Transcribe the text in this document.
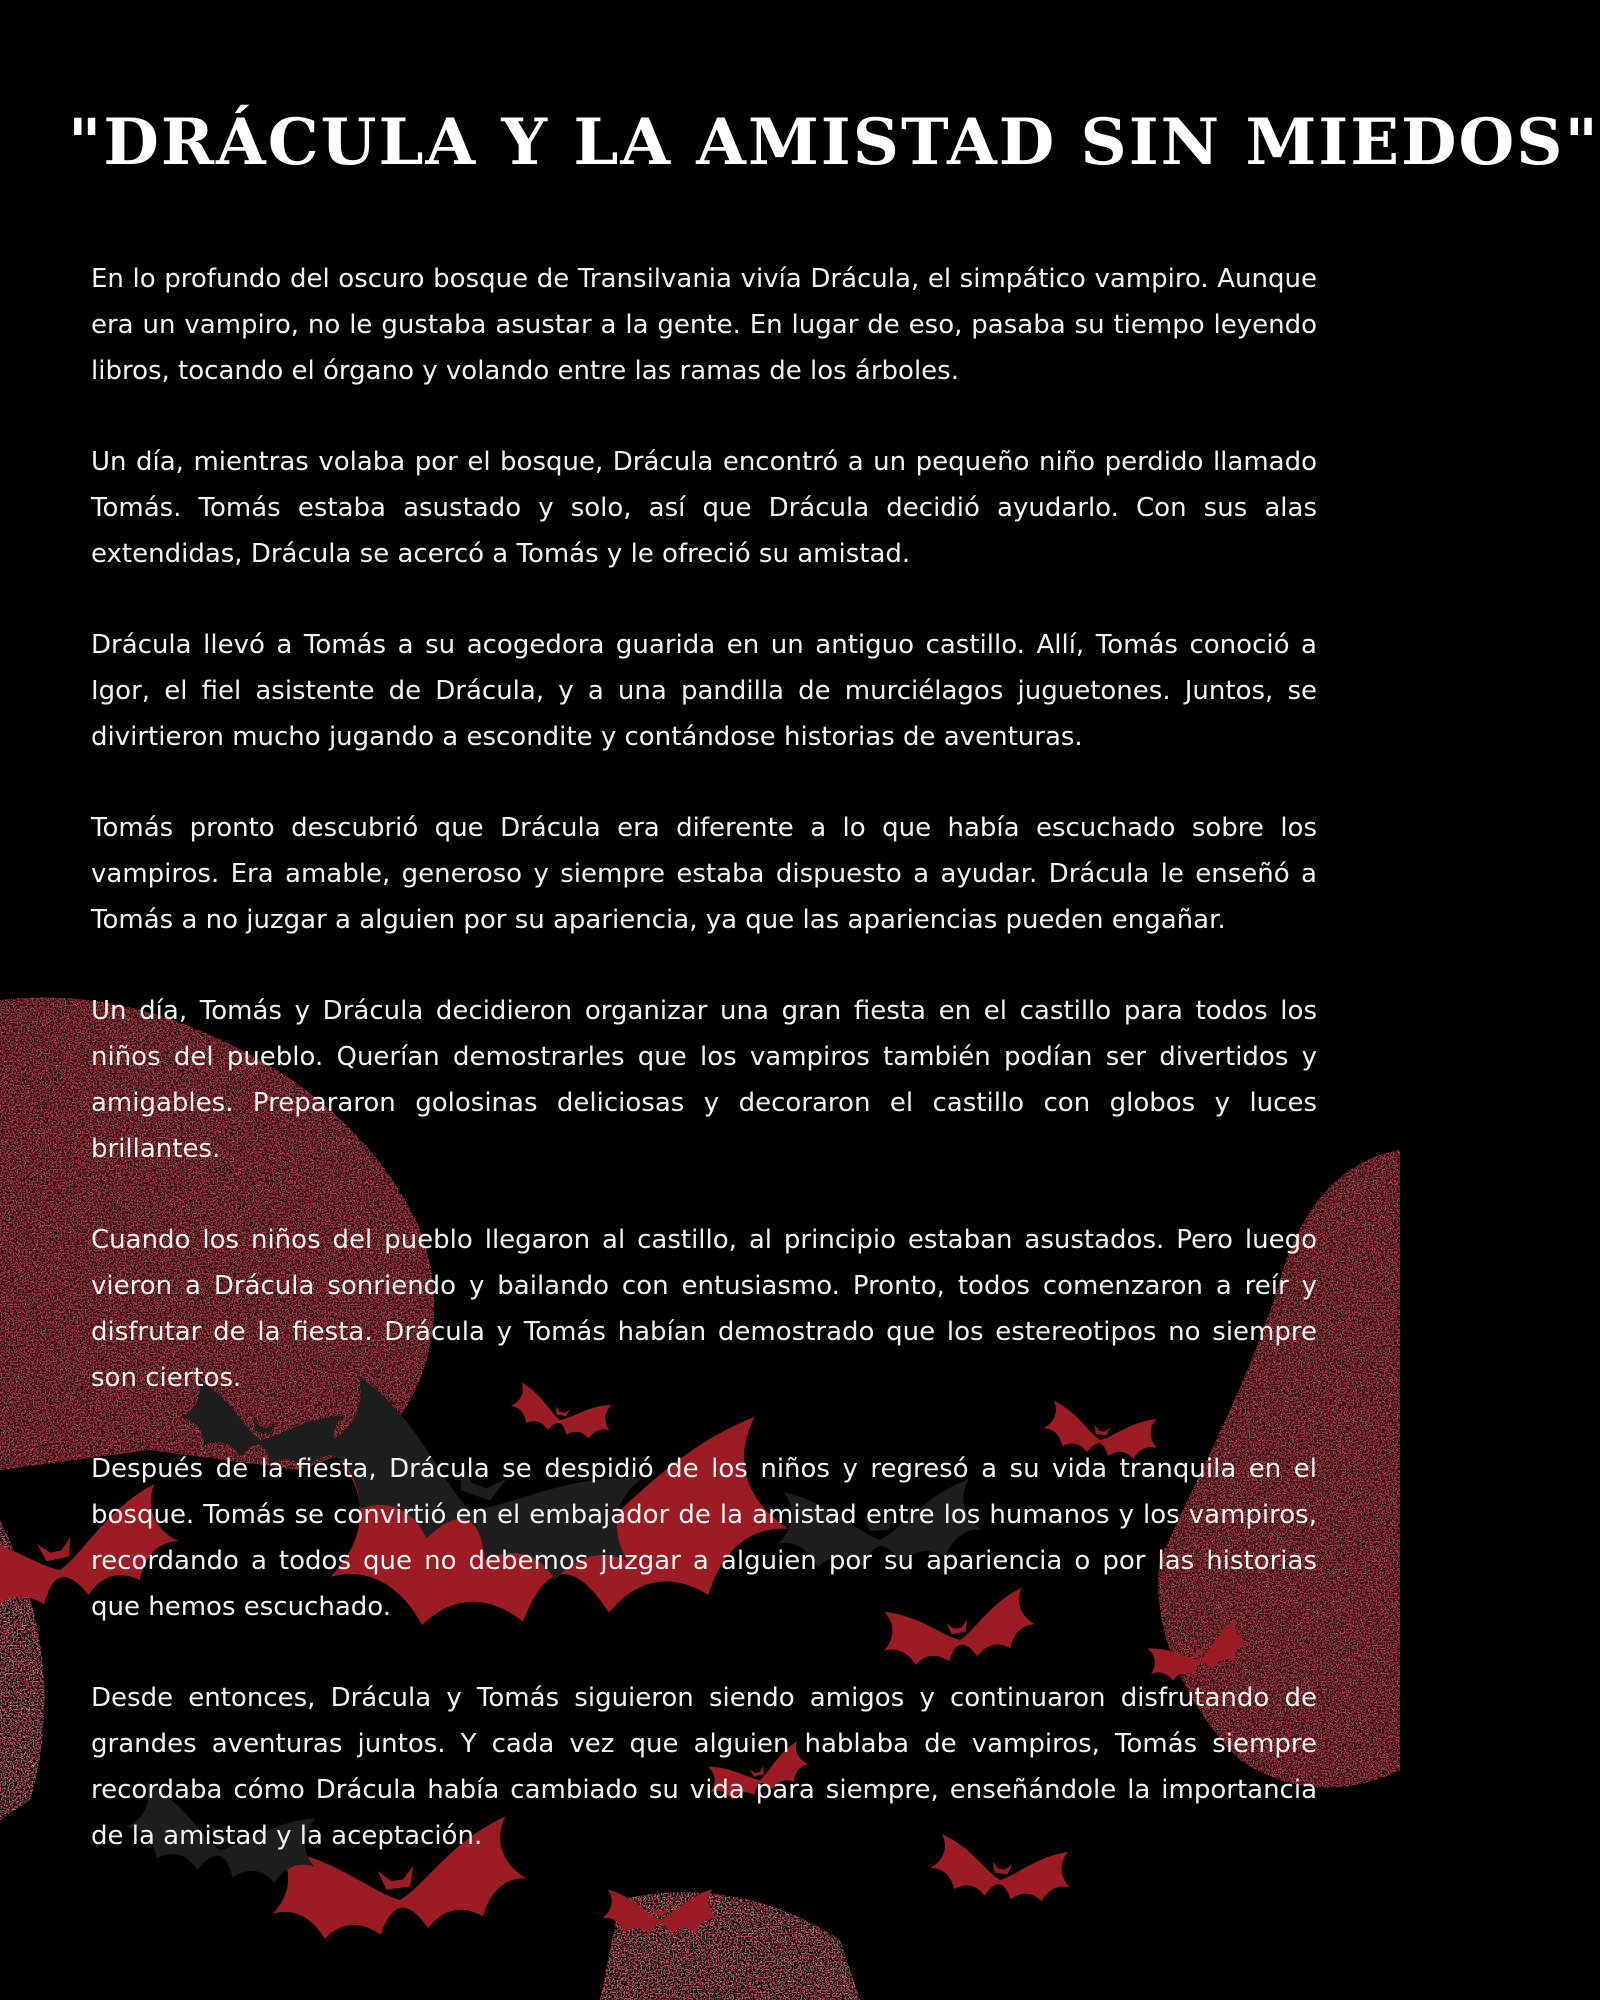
"DRÁCULA Y LA AMISTAD SIN MIEDOS"

En lo profundo del oscuro bosque de Transilvania vivía Drácula, el simpático vampiro. Aunque era un vampiro, no le gustaba asustar a la gente. En lugar de eso, pasaba su tiempo leyendo libros, tocando el órgano y volando entre las ramas de los árboles.

Un día, mientras volaba por el bosque, Drácula encontró a un pequeño niño perdido llamado Tomás. Tomás estaba asustado y solo, así que Drácula decidió ayudarlo. Con sus alas extendidas, Drácula se acercó a Tomás y le ofreció su amistad.

Drácula llevó a Tomás a su acogedora guarida en un antiguo castillo. Allí, Tomás conoció a Igor, el fiel asistente de Drácula, y a una pandilla de murciélagos juguetones. Juntos, se divirtieron mucho jugando a escondite y contándose historias de aventuras.

Tomás pronto descubrió que Drácula era diferente a lo que había escuchado sobre los vampiros. Era amable, generoso y siempre estaba dispuesto a ayudar. Drácula le enseñó a Tomás a no juzgar a alguien por su apariencia, ya que las apariencias pueden engañar.

Un día, Tomás y Drácula decidieron organizar una gran fiesta en el castillo para todos los niños del pueblo. Querían demostrarles que los vampiros también podían ser divertidos y amigables. Prepararon golosinas deliciosas y decoraron el castillo con globos y luces brillantes.

Cuando los niños del pueblo llegaron al castillo, al principio estaban asustados. Pero luego vieron a Drácula sonriendo y bailando con entusiasmo. Pronto, todos comenzaron a reír y disfrutar de la fiesta. Drácula y Tomás habían demostrado que los estereotipos no siempre son ciertos.

Después de la fiesta, Drácula se despidió de los niños y regresó a su vida tranquila en el bosque. Tomás se convirtió en el embajador de la amistad entre los humanos y los vampiros, recordando a todos que no debemos juzgar a alguien por su apariencia o por las historias que hemos escuchado.

Desde entonces, Drácula y Tomás siguieron siendo amigos y continuaron disfrutando de grandes aventuras juntos. Y cada vez que alguien hablaba de vampiros, Tomás siempre recordaba cómo Drácula había cambiado su vida para siempre, enseñándole la importancia de la amistad y la aceptación.
